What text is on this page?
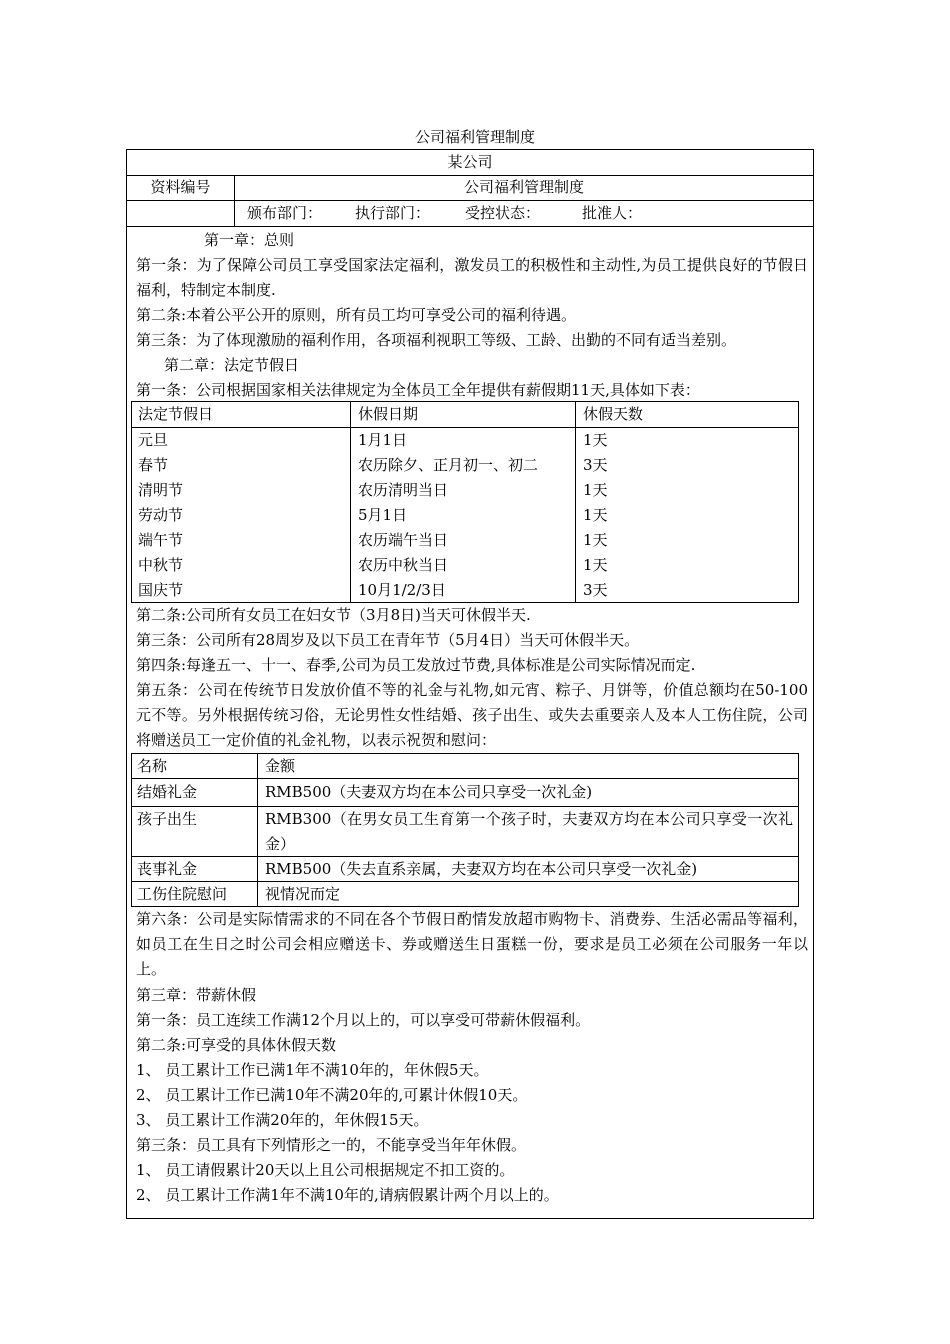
公司福利管理制度
某公司
资料编号	公司福利管理制度
颁布部门： 执行部门： 受控状态：	批准人：
第一章：总则
第一条：为了保障公司员工享受国家法定福利，激发员工的积极性和主动性,为员工提供良好的节假日福利，特制定本制度.
第二条:本着公平公开的原则，所有员工均可享受公司的福利待遇。
第三条：为了体现激励的福利作用，各项福利视职工等级、工龄、出勤的不同有适当差别。
第二章：法定节假日
第一条：公司根据国家相关法律规定为全体员工全年提供有薪假期11天,具体如下表：
法定节假日	休假日期	休假天数
元旦	1月1日	1天
春节	农历除夕、正月初一、初二	3天
清明节	农历清明当日	1天
劳动节	5月1日	1天
端午节	农历端午当日	1天
中秋节	农历中秋当日	1天
国庆节	10月1/2/3日	3天
第二条:公司所有女员工在妇女节（3月8日)当天可休假半天.
第三条：公司所有28周岁及以下员工在青年节（5月4日）当天可休假半天。
第四条:每逢五一、十一、春季,公司为员工发放过节费,具体标准是公司实际情况而定.
第五条：公司在传统节日发放价值不等的礼金与礼物,如元宵、粽子、月饼等，价值总额均在50-100元不等。另外根据传统习俗，无论男性女性结婚、孩子出生、或失去重要亲人及本人工伤住院，公司将赠送员工一定价值的礼金礼物，以表示祝贺和慰问：
名称	金额
结婚礼金	RMB500（夫妻双方均在本公司只享受一次礼金)
孩子出生	RMB300（在男女员工生育第一个孩子时，夫妻双方均在本公司只享受一次礼金）
丧事礼金	RMB500（失去直系亲属，夫妻双方均在本公司只享受一次礼金)
工伤住院慰问	视情况而定
第六条：公司是实际情需求的不同在各个节假日酌情发放超市购物卡、消费券、生活必需品等福利，如员工在生日之时公司会相应赠送卡、券或赠送生日蛋糕一份，要求是员工必须在公司服务一年以上。
第三章：带薪休假
第一条：员工连续工作满12个月以上的，可以享受可带薪休假福利。
第二条:可享受的具体休假天数
1、 员工累计工作已满1年不满10年的，年休假5天。
2、 员工累计工作已满10年不满20年的,可累计休假10天。
3、 员工累计工作满20年的，年休假15天。
第三条：员工具有下列情形之一的，不能享受当年年休假。
1、 员工请假累计20天以上且公司根据规定不扣工资的。
2、 员工累计工作满1年不满10年的,请病假累计两个月以上的。
